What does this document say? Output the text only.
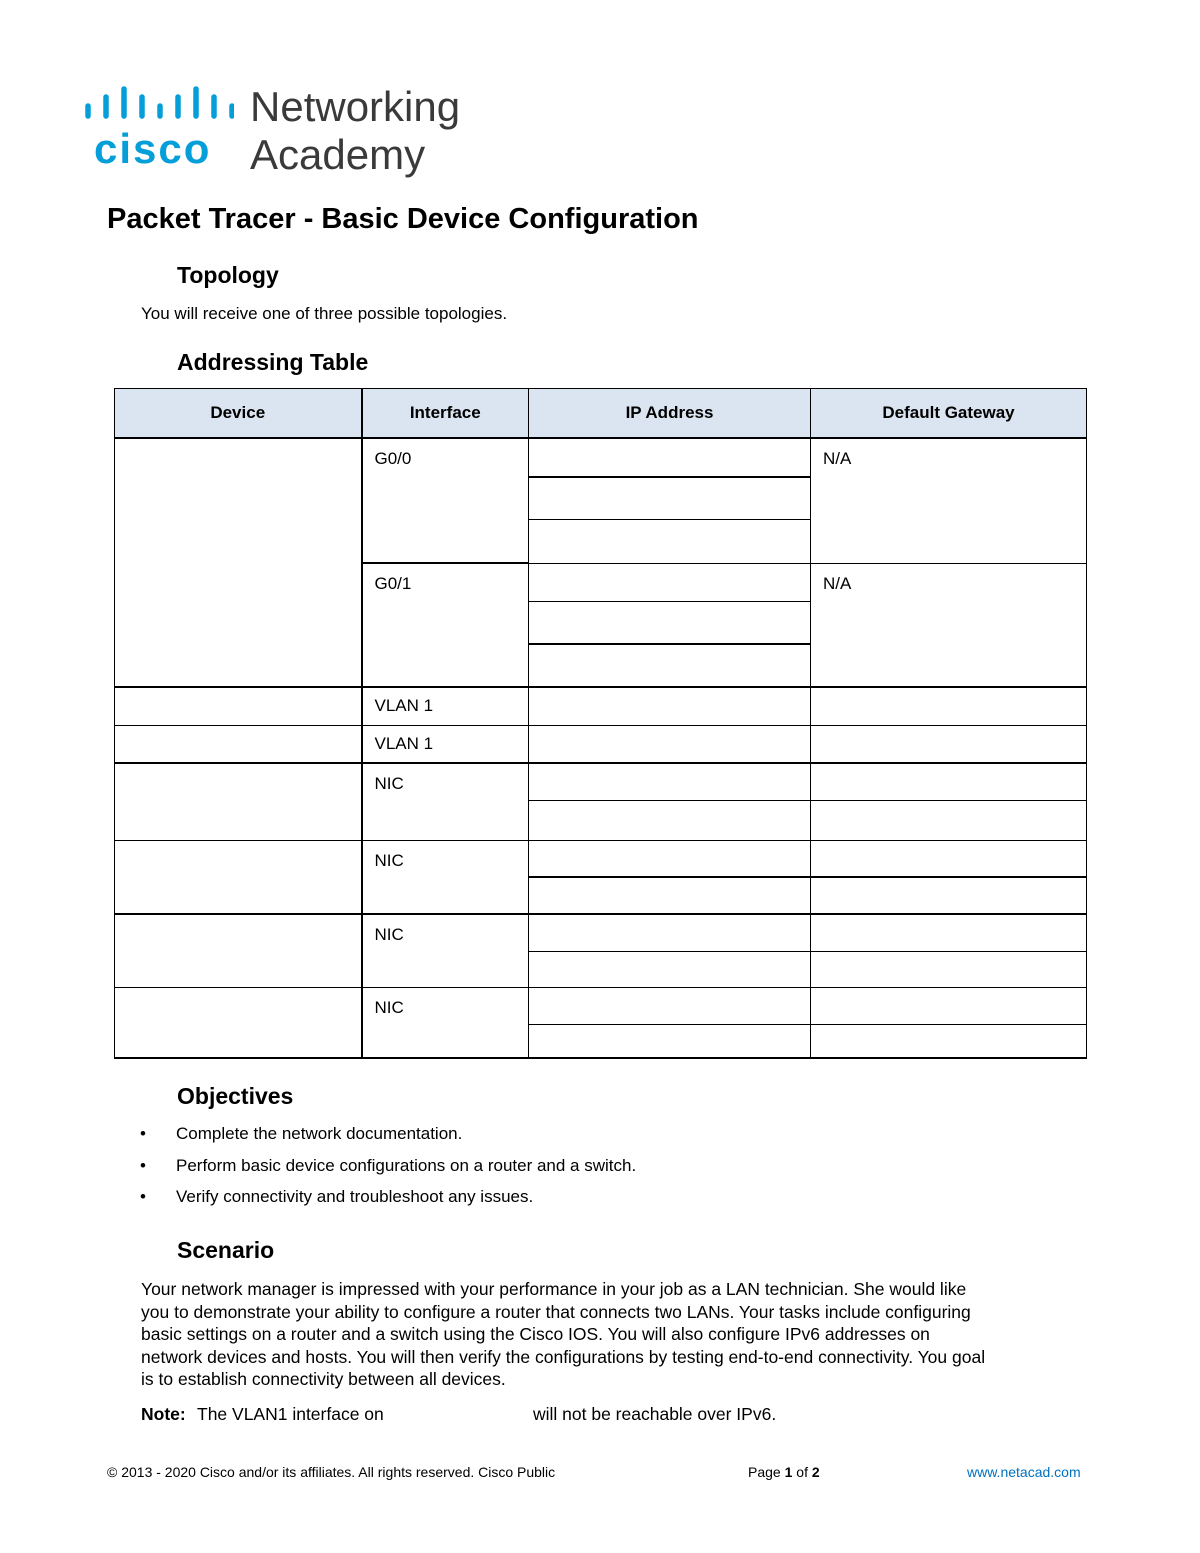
cisco
Networking
Academy
Packet Tracer - Basic Device Configuration
Topology

You will receive one of three possible topologies.

Addressing Table
Device	Interface	IP Address	Default Gateway
	G0/0		N/A

	G0/1		N/A

	VLAN 1		
	VLAN 1		
	NIC		

	NIC		

	NIC		

	NIC		

Objectives
• Complete the network documentation.
• Perform basic device configurations on a router and a switch.
• Verify connectivity and troubleshoot any issues.
Scenario
Your network manager is impressed with your performance in your job as a LAN technician. She would like
you to demonstrate your ability to configure a router that connects two LANs. Your tasks include configuring
basic settings on a router and a switch using the Cisco IOS. You will also configure IPv6 addresses on
network devices and hosts. You will then verify the configurations by testing end-to-end connectivity. You goal
is to establish connectivity between all devices.
Note: The VLAN1 interface on	will not be reachable over IPv6.

© 2013 - 2020 Cisco and/or its affiliates. All rights reserved. Cisco Public	Page 1 of 2	www.netacad.com
